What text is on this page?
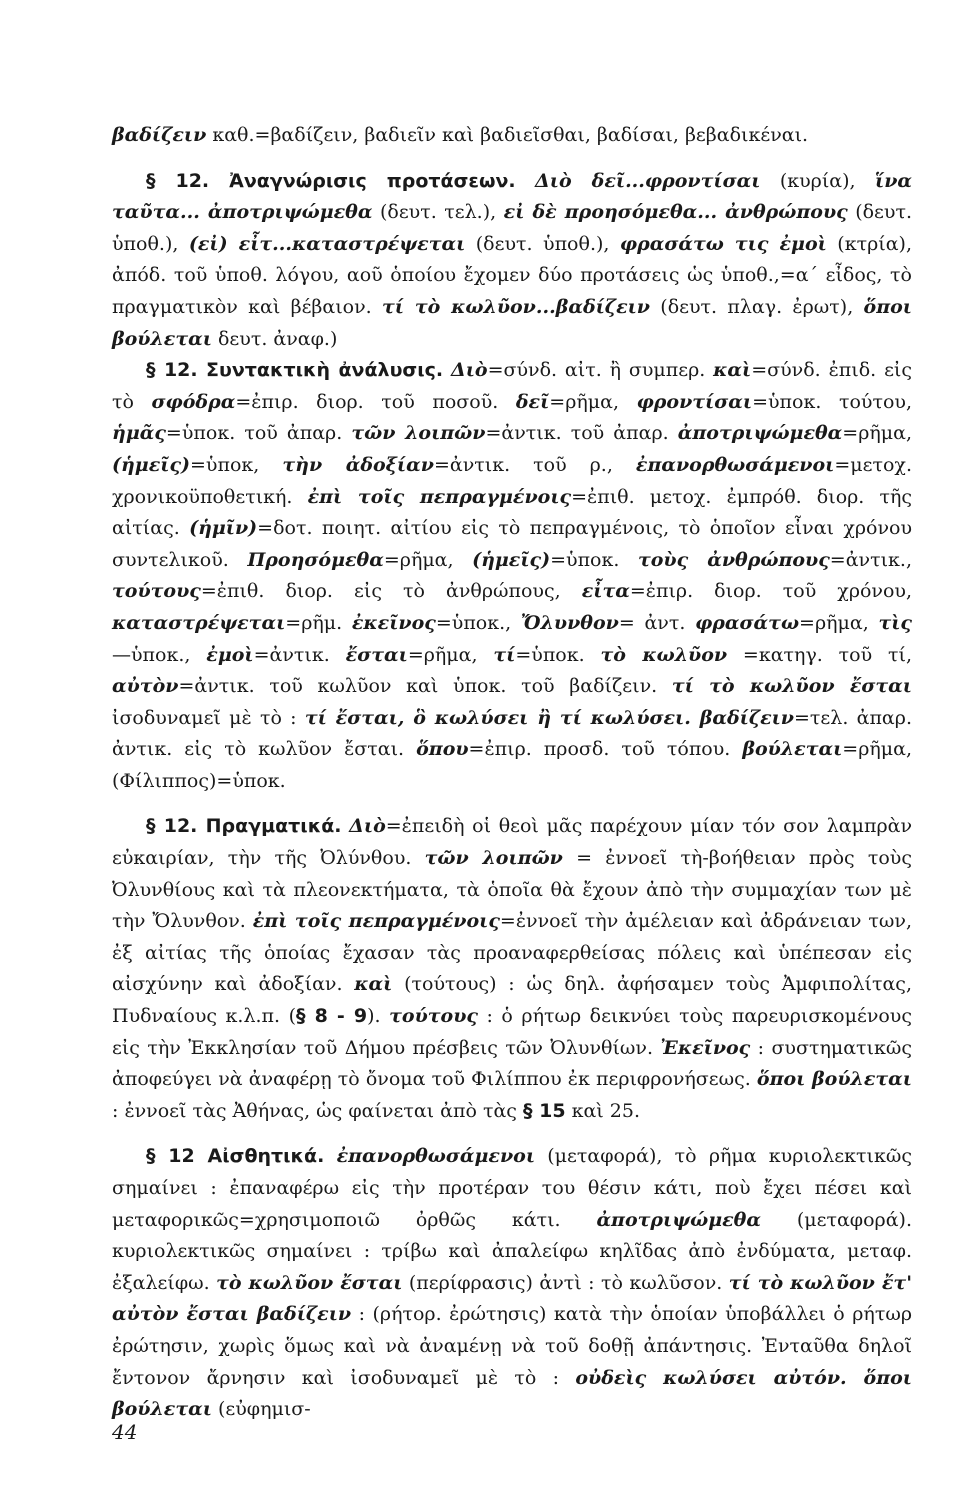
βαδίζειν καθ.=βαδίζειν, βαδιεῖν καὶ βαδιεῖσθαι, βαδίσαι, βεβαδικέναι.

§ 12. Ἀναγνώρισις προτάσεων. Διὸ δεῖ...φροντίσαι (κυρία), ἵνα ταῦτα... ἀποτριψώμεθα (δευτ. τελ.), εἰ δὲ προησόμεθα... ἀνθρώπους (δευτ. ὑποθ.), (εἰ) εἶτ...καταστρέψεται (δευτ. ὑποθ.), φρασάτω τις ἐμοὶ (κτρία), ἀπόδ. τοῦ ὑποθ. λόγου, αοῦ ὁποίου ἔχομεν δύο προτάσεις ὡς ὑποθ.,=α΄ εἶδος, τὸ πραγματικὸν καὶ βέβαιον. τί τὸ κωλῦον...βαδίζειν (δευτ. πλαγ. ἐρωτ), ὅποι βούλεται δευτ. ἀναφ.)

§ 12. Συντακτικὴ ἀνάλυσις. Διὸ=σύνδ. αἰτ. ἢ συμπερ. καὶ=σύνδ. ἐπιδ. εἰς τὸ σφόδρα=ἐπιρ. διορ. τοῦ ποσοῦ. δεῖ=ρῆμα, φροντίσαι=ὑποκ. τούτου, ἡμᾶς=ὑποκ. τοῦ ἀπαρ. τῶν λοιπῶν=ἀντικ. τοῦ ἀπαρ. ἀποτριψώμεθα=ρῆμα, (ἡμεῖς)=ὑποκ, τὴν ἀδοξίαν=ἀντικ. τοῦ ρ., ἐπανορθωσάμενοι=μετοχ. χρονικοϋποθετική. ἐπὶ τοῖς πεπραγμένοις=ἐπιθ. μετοχ. ἐμπρόθ. διορ. τῆς αἰτίας. (ἡμῖν)=δοτ. ποιητ. αἰτίου εἰς τὸ πεπραγμένοις, τὸ ὁποῖον εἶναι χρόνου συντελικοῦ. Προησόμεθα=ρῆμα, (ἡμεῖς)=ὑποκ. τοὺς ἀνθρώπους=ἀντικ., τούτους=ἐπιθ. διορ. εἰς τὸ ἀνθρώπους, εἶτα=ἐπιρ. διορ. τοῦ χρόνου, καταστρέψεται=ρῆμ. ἐκεῖνος=ὑποκ., Ὄλυνθον= ἀντ. φρασάτω=ρῆμα, τὶς—ὑποκ., ἐμοὶ=ἀντικ. ἔσται=ρῆμα, τί=ὑποκ. τὸ κωλῦον =κατηγ. τοῦ τί, αὐτὸν=ἀντικ. τοῦ κωλῦον καὶ ὑποκ. τοῦ βαδίζειν. τί τὸ κωλῦον ἔσται ἰσοδυναμεῖ μὲ τὸ : τί ἔσται, ὃ κωλύσει ἢ τί κωλύσει. βαδίζειν=τελ. ἀπαρ. ἀντικ. εἰς τὸ κωλῦον ἔσται. ὅπου=ἐπιρ. προσδ. τοῦ τόπου. βούλεται=ρῆμα, (Φίλιππος)=ὑποκ.

§ 12. Πραγματικά. Διὸ=ἐπειδὴ οἱ θεοὶ μᾶς παρέχουν μίαν τόν σον λαμπρὰν εὐκαιρίαν, τὴν τῆς Ὀλύνθου. τῶν λοιπῶν = ἐννοεῖ τὴ-βοήθειαν πρὸς τοὺς Ὀλυνθίους καὶ τὰ πλεονεκτήματα, τὰ ὁποῖα θὰ ἔχουν ἀπὸ τὴν συμμαχίαν των μὲ τὴν Ὄλυνθον. ἐπὶ τοῖς πεπραγμένοις=ἐννοεῖ τὴν ἀμέλειαν καὶ ἀδράνειαν των, ἐξ αἰτίας τῆς ὁποίας ἔχασαν τὰς προαναφερθείσας πόλεις καὶ ὑπέπεσαν εἰς αἰσχύνην καὶ ἀδοξίαν. καὶ (τούτους) : ὡς δηλ. ἀφήσαμεν τοὺς Ἀμφιπολίτας, Πυδναίους κ.λ.π. (§ 8 - 9). τούτους : ὁ ρήτωρ δεικνύει τοὺς παρευρισκομένους εἰς τὴν Ἐκκλησίαν τοῦ Δήμου πρέσβεις τῶν Ὀλυνθίων. Ἐκεῖνος : συστηματικῶς ἀποφεύγει νὰ ἀναφέρῃ τὸ ὄνομα τοῦ Φιλίππου ἐκ περιφρονήσεως. ὅποι βούλεται : ἐννοεῖ τὰς Ἀθήνας, ὡς φαίνεται ἀπὸ τὰς § 15 καὶ 25.

§ 12 Αἰσθητικά. ἐπανορθωσάμενοι (μεταφορά), τὸ ρῆμα κυριολεκτικῶς σημαίνει : ἐπαναφέρω εἰς τὴν προτέραν του θέσιν κάτι, ποὺ ἔχει πέσει καὶ μεταφορικῶς=χρησιμοποιῶ ὀρθῶς κάτι. ἀποτριψώμεθα (μεταφορά). κυριολεκτικῶς σημαίνει : τρίβω καὶ ἀπαλείφω κηλῖδας ἀπὸ ἐνδύματα, μεταφ. ἐξαλείφω. τὸ κωλῦον ἔσται (περίφρασις) ἀντὶ : τὸ κωλῦσον. τί τὸ κωλῦον ἔτ' αὐτὸν ἔσται βαδίζειν : (ρήτορ. ἐρώτησις) κατὰ τὴν ὁποίαν ὑποβάλλει ὁ ρήτωρ ἐρώτησιν, χωρὶς ὅμως καὶ νὰ ἀναμένῃ νὰ τοῦ δοθῇ ἀπάντησις. Ἐνταῦθα δηλοῖ ἔντονον ἄρνησιν καὶ ἰσοδυναμεῖ μὲ τὸ : οὐδεὶς κωλύσει αὐτόν. ὅποι βούλεται (εὐφημισ-

44
